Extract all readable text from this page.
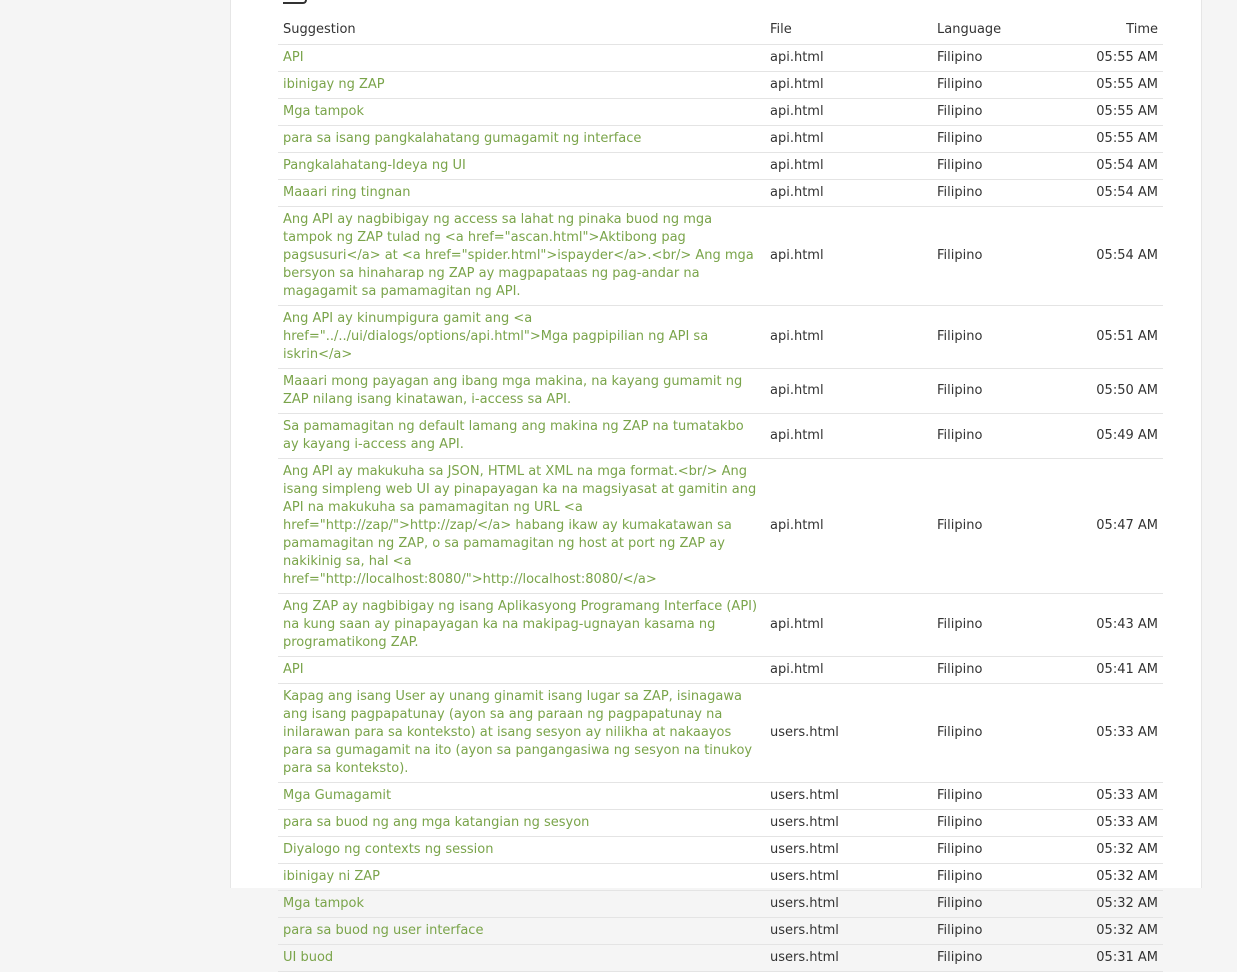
Suggestion	File	Language	Time
API	api.html	Filipino	05:55 AM
ibinigay ng ZAP	api.html	Filipino	05:55 AM
Mga tampok	api.html	Filipino	05:55 AM
para sa isang pangkalahatang gumagamit ng interface	api.html	Filipino	05:55 AM
Pangkalahatang-Ideya ng UI	api.html	Filipino	05:54 AM
Maaari ring tingnan	api.html	Filipino	05:54 AM
Ang API ay nagbibigay ng access sa lahat ng pinaka buod ng mga tampok ng ZAP tulad ng <a href="ascan.html">Aktibong pag pagsusuri</a> at <a href="spider.html">ispayder</a>.<br/> Ang mga bersyon sa hinaharap ng ZAP ay magpapataas ng pag-andar na magagamit sa pamamagitan ng API.	api.html	Filipino	05:54 AM
Ang API ay kinumpigura gamit ang <a href="../../ui/dialogs/options/api.html">Mga pagpipilian ng API sa iskrin</a>	api.html	Filipino	05:51 AM
Maaari mong payagan ang ibang mga makina, na kayang gumamit ng ZAP nilang isang kinatawan, i-access sa API.	api.html	Filipino	05:50 AM
Sa pamamagitan ng default lamang ang makina ng ZAP na tumatakbo ay kayang i-access ang API.	api.html	Filipino	05:49 AM
Ang API ay makukuha sa JSON, HTML at XML na mga format.<br/> Ang isang simpleng web UI ay pinapayagan ka na magsiyasat at gamitin ang API na makukuha sa pamamagitan ng URL <a href="http://zap/">http://zap/</a> habang ikaw ay kumakatawan sa pamamagitan ng ZAP, o sa pamamagitan ng host at port ng ZAP ay nakikinig sa, hal <a href="http://localhost:8080/">http://localhost:8080/</a>	api.html	Filipino	05:47 AM
Ang ZAP ay nagbibigay ng isang Aplikasyong Programang Interface (API) na kung saan ay pinapayagan ka na makipag-ugnayan kasama ng programatikong ZAP.	api.html	Filipino	05:43 AM
API	api.html	Filipino	05:41 AM
Kapag ang isang User ay unang ginamit isang lugar sa ZAP, isinagawa ang isang pagpapatunay (ayon sa ang paraan ng pagpapatunay na inilarawan para sa konteksto) at isang sesyon ay nilikha at nakaayos para sa gumagamit na ito (ayon sa pangangasiwa ng sesyon na tinukoy para sa konteksto).	users.html	Filipino	05:33 AM
Mga Gumagamit	users.html	Filipino	05:33 AM
para sa buod ng ang mga katangian ng sesyon	users.html	Filipino	05:33 AM
Diyalogo ng contexts ng session	users.html	Filipino	05:32 AM
ibinigay ni ZAP	users.html	Filipino	05:32 AM
Mga tampok	users.html	Filipino	05:32 AM
para sa buod ng user interface	users.html	Filipino	05:32 AM
UI buod	users.html	Filipino	05:31 AM
